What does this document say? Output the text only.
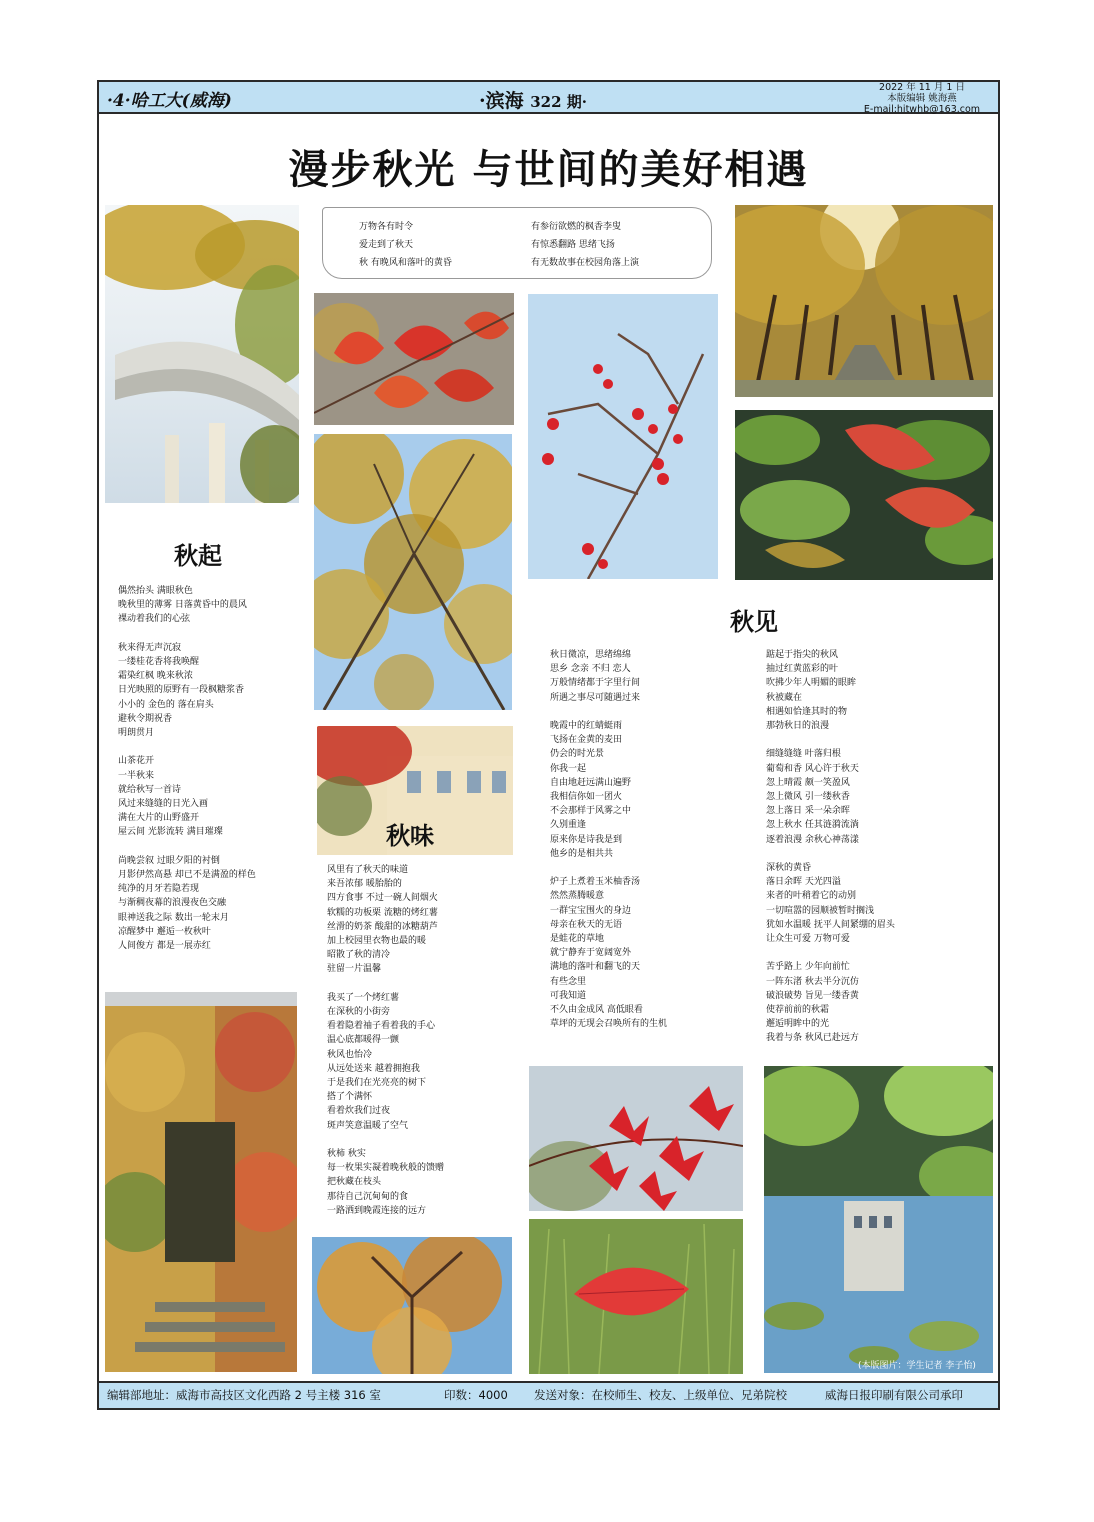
·4·哈工大(威海)	·滨海 322 期·
2022 年 11 月 1 日
本版编辑 姚海燕
E-mail:hitwhb@163.com
漫步秋光 与世间的美好相遇
万物各有时令
爱走到了秋天
秋 有晚风和落叶的黄昏
有参衍欲燃的枫香李叟
有惊悉翻路 思绪飞扬
有无数故事在校园角落上演
秋起
偶然抬头 满眼秋色
晚秋里的薄雾 日落黄昏中的晨风
裸动着我们的心弦

秋来得无声沉寂
一缕桂花香将我唤醒
霜染红枫 晚来秋浓
日光映照的原野有一段枫糖浆香
小小的 金色的 落在肩头
避秋令期祝香
明朗贯月

山茶花开
一半秋来
就给秋写一首诗
风过来缝缝的日光入画
满在大片的山野盛开
屋云间 光影流转 满目璀璨

尚晚尝叙 过眼夕阳的衬倒
月影伊然高悬 却已不是满盈的样色
纯净的月牙若隐若现
与渐稠夜幕的浪漫夜色交融
眼神送我之际 数出一轮末月
凉醒梦中 邂逅一枚秋叶
人间俊方 都是一展赤红
秋味
风里有了秋天的味道
来吾浓郁 暖胎胎的
四方食事 不过一碗人间烟火
软糯的功板栗 流糖的烤红薯
丝滑的奶茶 酸甜的冰糖葫芦
加上校园里衣物也最的暖
昭散了秋的清冷
驻留一片温馨

我买了一个烤红薯
在深秋的小街旁
看着隐着袖子看着我的手心
温心底都暖得一颤
秋风也怡冷
从远处送来 越着拥抱我
于是我们在光亮亮的树下
搭了个满怀
看着炊我们过夜
斑声笑意温暖了空气

秋柿 秋实
每一枚果实凝着晚秋般的馈赠
把秋藏在枝头
那待自己沉甸甸的食
一路洒到晚霞连接的远方
秋见
秋日微凉，思绪绵绵
思乡 念亲 不归 恋人
万般情绪都于字里行间
所遇之事尽可随遇过来

晚霞中的红蜻蜓雨
飞扬在金黄的麦田
仍会的时光景
你我一起
自由地赶远满山遍野
我相信你如一团火
不会那样于风雾之中
久别重逢
原来你是诗我是到
他乡的是相共共

炉子上煮着玉米柚香汤
然然蒸腾暖意
一群宝宝围火的身边
母亲在秋天的无语
是蛙花的草地
就宁静弃于宽阔宽外
满地的落叶和翻飞的天
有些念里
可我知道
不久由金成风 高低眼看
草坪的无现会召唤所有的生机
踮起于指尖的秋风
抽过红黄蓝彩的叶
吹拂少年人明媚的眼眸
秋被藏在
相遇如恰逢其时的物
那勃秋日的浪漫

细缝缝缝 叶落归根
葡萄和香 风心许于秋天
忽上晴霞 颇一笑盈风
忽上微风 引一缕秋香
忽上落日 采一朵余晖
忽上秋水 任其涟漪流淌
逐着浪漫 余秋心神荡漾

深秋的黄昏
落日余晖 天光四溢
来者的叶稍着它的动别
一切喧嚣的园顺被暂时搁浅
犹如水温暖 抚平人间紧绷的眉头
让众生可爱 万物可爱

苦乎路上 少年向前忙
一阵东渚 秋去半分沉仿
破浪破势 旨见一缕香黄
使荐前前的秋霜
邂逅明眸中的光
我着与条 秋风已赴远方
(本版图片：学生记者 李子怡)
编辑部地址：威海市高技区文化西路 2 号主楼 316 室	印数：4000 发送对象：在校师生、校友、上级单位、兄弟院校	威海日报印刷有限公司承印
